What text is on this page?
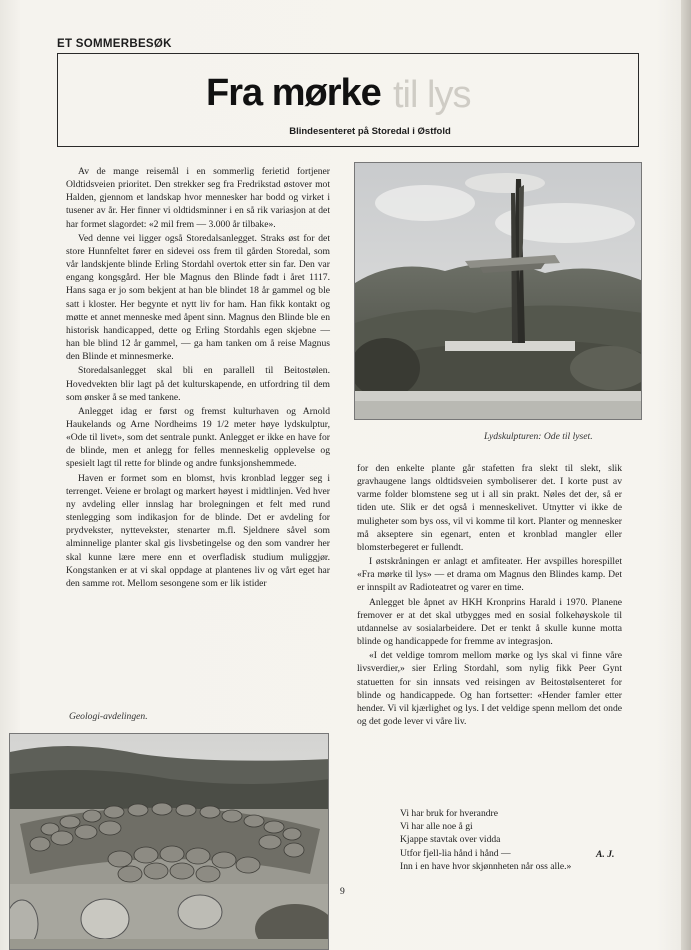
ET SOMMERBESØK
Fra mørke til lys
Blindesenteret på Storedal i Østfold

Av de mange reisemål i en sommerlig ferietid fortjener Oldtidsveien prioritet. Den strekker seg fra Fredrikstad østover mot Halden, gjennom et landskap hvor mennesker har bodd og virket i tusener av år. Her finner vi oldtidsminner i en så rik variasjon at det har formet slagordet: «2 mil frem — 3.000 år tilbake».

Ved denne vei ligger også Storedalsanlegget. Straks øst for det store Hunnfeltet fører en sidevei oss frem til gården Storedal, som vår landskjente blinde Erling Stordahl overtok etter sin far. Den var engang kongsgård. Her ble Magnus den Blinde født i året 1117. Hans saga er jo som bekjent at han ble blindet 18 år gammel og ble satt i kloster. Her begynte et nytt liv for ham. Han fikk kontakt og møtte et annet menneske med åpent sinn. Magnus den Blinde ble en historisk handicapped, dette og Erling Stordahls egen skjebne — han ble blind 12 år gammel, — ga ham tanken om å reise Magnus den Blinde et minnesmerke.

Storedalsanlegget skal bli en parallell til Beitostølen. Hovedvekten blir lagt på det kulturskapende, en utfordring til dem som ønsker å se med tankene.

Anlegget idag er først og fremst kulturhaven og Arnold Haukelands og Arne Nordheims 19 1/2 meter høye lydskulptur, «Ode til livet», som det sentrale punkt. Anlegget er ikke en have for de blinde, men et anlegg for felles menneskelig opplevelse og spesielt lagt til rette for blinde og andre funksjonshemmede.

Haven er formet som en blomst, hvis kronblad legger seg i terrenget. Veiene er brolagt og markert høyest i midtlinjen. Ved hver ny avdeling eller innslag har brolegningen et felt med rund stenlegging som indikasjon for de blinde. Det er avdeling for prydvekster, nyttevekster, stenarter m.fl. Sjeldnere såvel som alminnelige planter skal gis livsbetingelse og den som vandrer her skal kunne lære mere enn et overfladisk studium muliggjør. Kongstanken er at vi skal oppdage at plantenes liv og vårt eget har den samme rot. Mellom sesongene som er lik istider

Geologi-avdelingen.
Lydskulpturen: Ode til lyset.

for den enkelte plante går stafetten fra slekt til slekt, slik gravhaugene langs oldtidsveien symboliserer det. I korte pust av varme folder blomstene seg ut i all sin prakt. Nøles det der, så er tiden ute. Slik er det også i menneskelivet. Utnytter vi ikke de muligheter som bys oss, vil vi komme til kort. Planter og mennesker må akseptere sin egenart, enten et kronblad mangler eller blomsterbegeret er fullendt.

I østskråningen er anlagt et amfiteater. Her avspilles horespillet «Fra mørke til lys» — et drama om Magnus den Blindes kamp. Det er innspilt av Radioteatret og varer en time.

Anlegget ble åpnet av HKH Kronprins Harald i 1970. Planene fremover er at det skal utbygges med en sosial folkehøyskole til utdannelse av sosialarbeidere. Det er tenkt å skulle kunne motta blinde og handicappede for fremme av integrasjon.

«I det veldige tomrom mellom mørke og lys skal vi finne våre livsverdier,» sier Erling Stordahl, som nylig fikk Peer Gynt statuetten for sin innsats ved reisingen av Beitostølsenteret for blinde og handicappede. Og han fortsetter: «Hender famler etter hender. Vi vil kjærlighet og lys. I det veldige spenn mellom det onde og det gode lever vi våre liv.

Vi har bruk for hverandre
Vi har alle noe å gi
Kjappe stavtak over vidda
Utfor fjell-lia hånd i hånd —
Inn i en have hvor skjønnheten når oss alle.»
A. J.
9
